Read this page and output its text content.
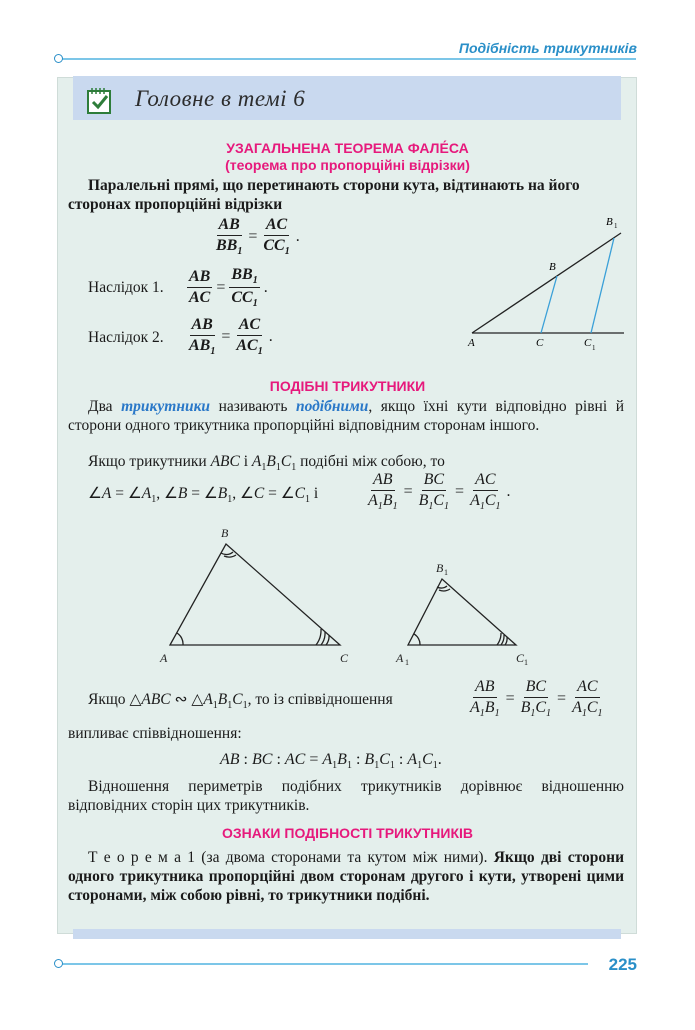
Подібність трикутників
Головне в темі 6
УЗАГАЛЬНЕНА ТЕОРЕМА ФАЛЕ́СА
(теорема про пропорційні відрізки)
Паралельні прямі, що перетинають сторони кута, відтинають на його сторонах пропорційні відрізки
$\frac{AB}{BB_1} = \frac{AC}{CC_1}$ .
Наслідок 1. $\frac{AB}{AC} = \frac{BB_1}{CC_1}$ .
Наслідок 2. $\frac{AB}{AB_1} = \frac{AC}{AC_1}$ .	A	C	C 1
B
B 1
ПОДІБНІ ТРИКУТНИКИ
Два трикутники називають подібними, якщо їхні кути відповідно рівні й сторони одного трикутника пропорційні відповідним сторонам іншого.
Якщо трикутники ABC і $A_1B_1C_1$ подібні між собою, то
∠A = $\angle A_1$, ∠B = $\angle B_1$, ∠C = $\angle C_1$ і	$\frac{AB}{A_1B_1} = \frac{BC}{B_1C_1} = \frac{AC}{A_1C_1}$ .
A
B
C	A 1
B 1
C 1
Якщо △ABC ∾ $\triangle A_1B_1C_1$, то із співвідношення	$\frac{AB}{A_1B_1} = \frac{BC}{B_1C_1} = \frac{AC}{A_1C_1}$
випливає співвідношення:
AB : BC : AC = $A_1B_1$ : $B_1C_1$ : $A_1C_1$.
Відношення периметрів подібних трикутників дорівнює відношенню відповідних сторін цих трикутників.
ОЗНАКИ ПОДІБНОСТІ ТРИКУТНИКІВ
Т е о р е м а 1 (за двома сторонами та кутом між ними). Якщо дві сторони одного трикутника пропорційні двом сторонам другого і кути, утворені цими сторонами, між собою рівні, то трикутники подібні.
225
